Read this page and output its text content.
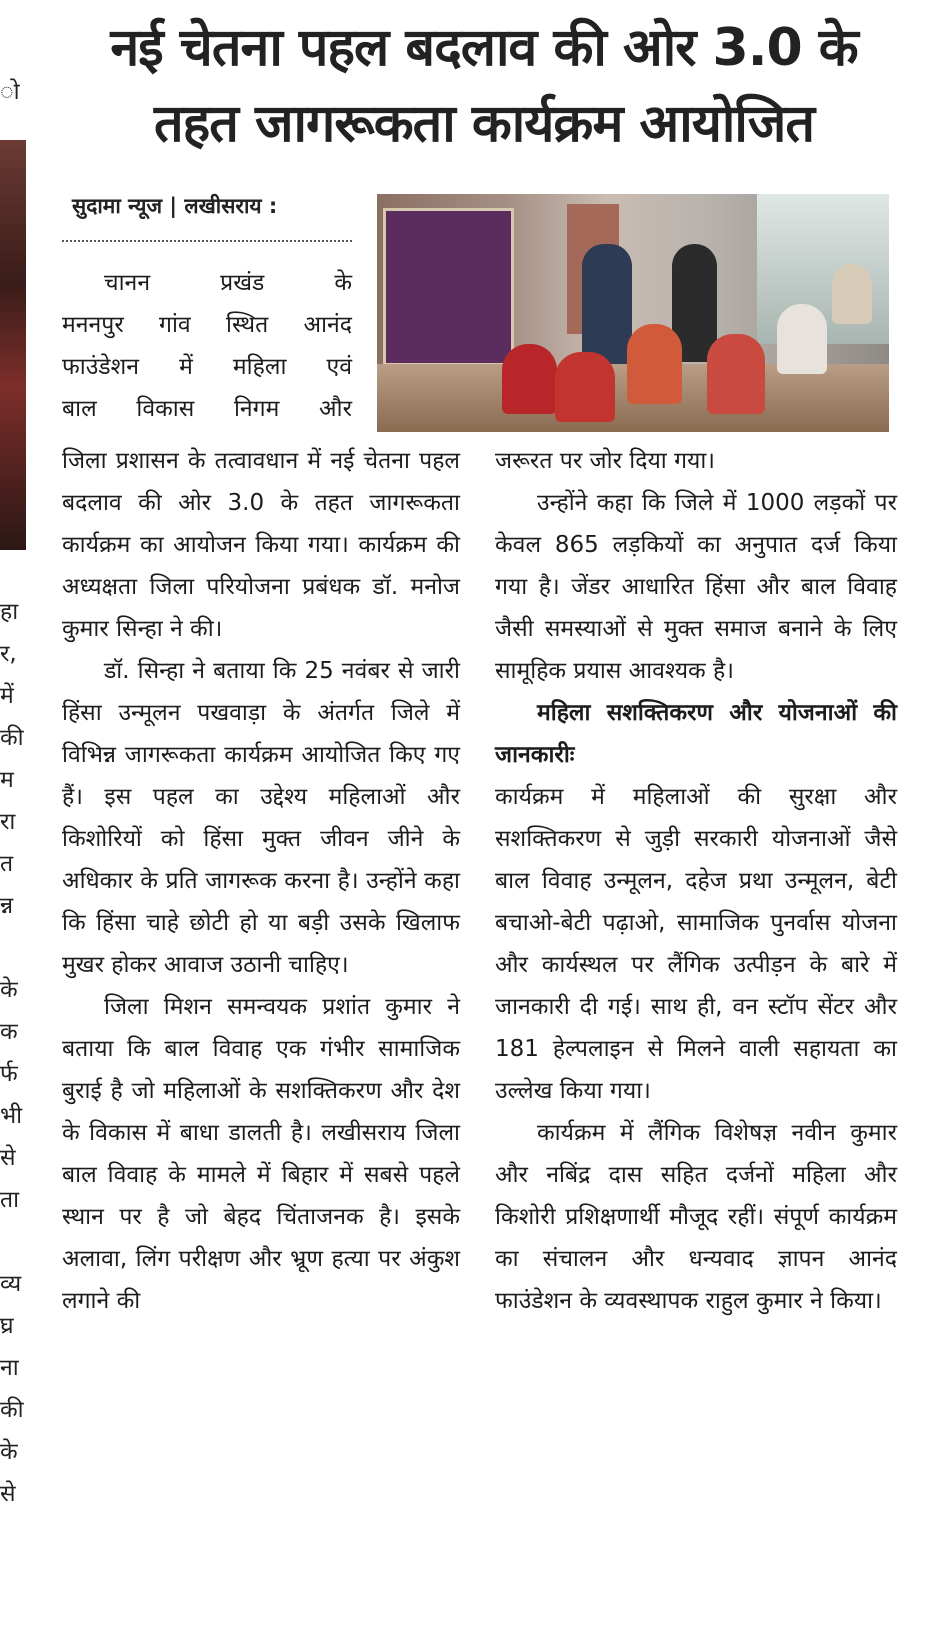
ो
हा
र,
में
की
म
रा
त
न्न
के
क
र्फ
भी
से
ता
व्य
घ्र
ना
की
के
से
नई चेतना पहल बदलाव की ओर 3.0 के
तहत जागरूकता कार्यक्रम आयोजित
सुदामा न्यूज | लखीसराय :

चानन प्रखंड के

मननपुर गांव स्थित आनंद

फाउंडेशन में महिला एवं

बाल विकास निगम और

जिला प्रशासन के तत्वावधान में नई चेतना पहल बदलाव की ओर 3.0 के तहत जागरूकता कार्यक्रम का आयोजन किया गया। कार्यक्रम की अध्यक्षता जिला परियोजना प्रबंधक डॉ. मनोज कुमार सिन्हा ने की।

डॉ. सिन्हा ने बताया कि 25 नवंबर से जारी हिंसा उन्मूलन पखवाड़ा के अंतर्गत जिले में विभिन्न जागरूकता कार्यक्रम आयोजित किए गए हैं। इस पहल का उद्देश्य महिलाओं और किशोरियों को हिंसा मुक्त जीवन जीने के अधिकार के प्रति जागरूक करना है। उन्होंने कहा कि हिंसा चाहे छोटी हो या बड़ी उसके खिलाफ मुखर होकर आवाज उठानी चाहिए।

जिला मिशन समन्वयक प्रशांत कुमार ने बताया कि बाल विवाह एक गंभीर सामाजिक बुराई है जो महिलाओं के सशक्तिकरण और देश के विकास में बाधा डालती है। लखीसराय जिला बाल विवाह के मामले में बिहार में सबसे पहले स्थान पर है जो बेहद चिंताजनक है। इसके अलावा, लिंग परीक्षण और भ्रूण हत्या पर अंकुश लगाने की

जरूरत पर जोर दिया गया।

उन्होंने कहा कि जिले में 1000 लड़कों पर केवल 865 लड़कियों का अनुपात दर्ज किया गया है। जेंडर आधारित हिंसा और बाल विवाह जैसी समस्याओं से मुक्त समाज बनाने के लिए सामूहिक प्रयास आवश्यक है।

महिला सशक्तिकरण और योजनाओं की जानकारीः

कार्यक्रम में महिलाओं की सुरक्षा और सशक्तिकरण से जुड़ी सरकारी योजनाओं जैसे बाल विवाह उन्मूलन, दहेज प्रथा उन्मूलन, बेटी बचाओ-बेटी पढ़ाओ, सामाजिक पुनर्वास योजना और कार्यस्थल पर लैंगिक उत्पीड़न के बारे में जानकारी दी गई। साथ ही, वन स्टॉप सेंटर और 181 हेल्पलाइन से मिलने वाली सहायता का उल्लेख किया गया।

कार्यक्रम में लैंगिक विशेषज्ञ नवीन कुमार और नबिंद्र दास सहित दर्जनों महिला और किशोरी प्रशिक्षणार्थी मौजूद रहीं। संपूर्ण कार्यक्रम का संचालन और धन्यवाद ज्ञापन आनंद फाउंडेशन के व्यवस्थापक राहुल कुमार ने किया।
